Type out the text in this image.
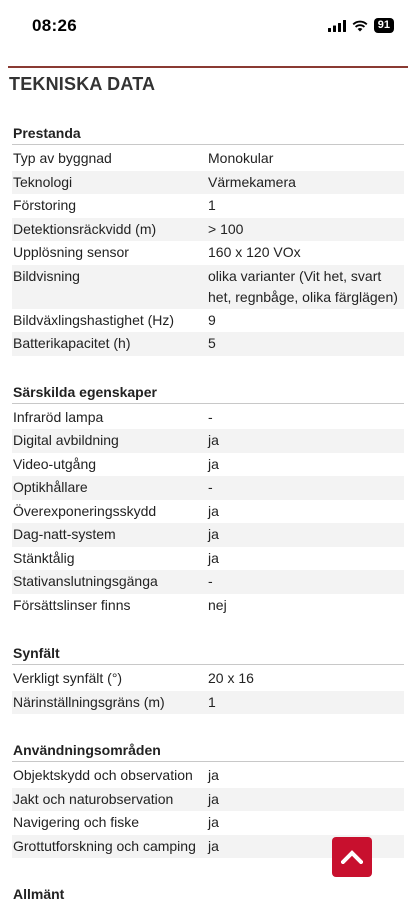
08:26	91
TEKNISKA DATA
Prestanda
Typ av byggnad	Monokular
Teknologi	Värmekamera
Förstoring	1
Detektionsräckvidd (m)	> 100
Upplösning sensor	160 x 120 VOx
Bildvisning	olika varianter (Vit het, svart het, regnbåge, olika färglägen)
Bildväxlingshastighet (Hz)	9
Batterikapacitet (h)	5
Särskilda egenskaper
Infraröd lampa	-
Digital avbildning	ja
Video-utgång	ja
Optikhållare	-
Överexponeringsskydd	ja
Dag-natt-system	ja
Stänktålig	ja
Stativanslutningsgänga	-
Försättslinser finns	nej
Synfält
Verkligt synfält (°)	20 x 16
Närinställningsgräns (m)	1
Användningsområden
Objektskydd och observation	ja
Jakt och naturobservation	ja
Navigering och fiske	ja
Grottutforskning och camping ja
Allmänt
